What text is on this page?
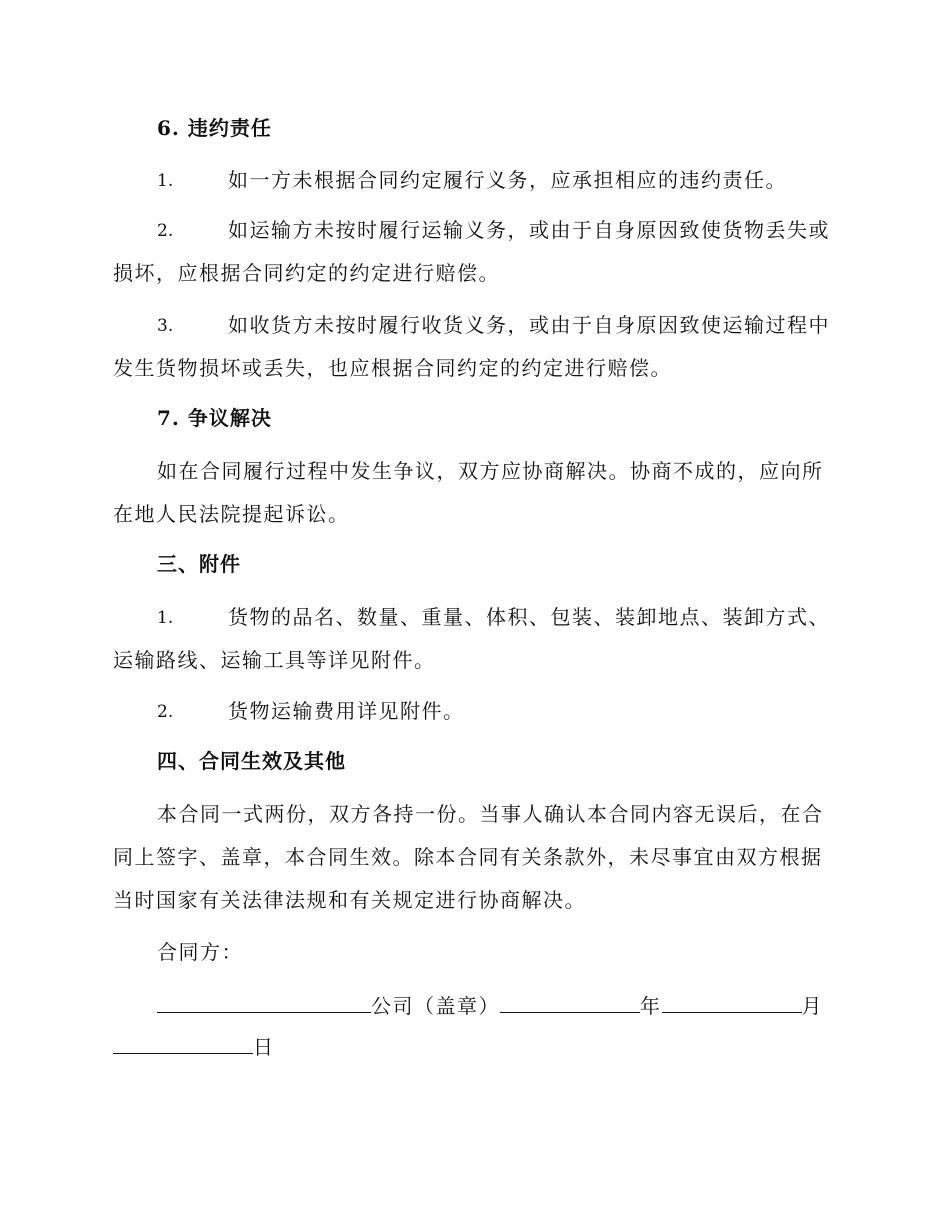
6. 违约责任
1.	如一方未根据合同约定履行义务，应承担相应的违约责任。
2.	如运输方未按时履行运输义务，或由于自身原因致使货物丢失或
损坏，应根据合同约定的约定进行赔偿。
3.	如收货方未按时履行收货义务，或由于自身原因致使运输过程中
发生货物损坏或丢失，也应根据合同约定的约定进行赔偿。
7. 争议解决
如在合同履行过程中发生争议，双方应协商解决。协商不成的，应向所
在地人民法院提起诉讼。
三、附件
1.	货物的品名、数量、重量、体积、包装、装卸地点、装卸方式、
运输路线、运输工具等详见附件。
2.	货物运输费用详见附件。
四、合同生效及其他
本合同一式两份，双方各持一份。当事人确认本合同内容无误后，在合
同上签字、盖章，本合同生效。除本合同有关条款外，未尽事宜由双方根据
当时国家有关法律法规和有关规定进行协商解决。
合同方：
公司（盖章）	年	月
日
